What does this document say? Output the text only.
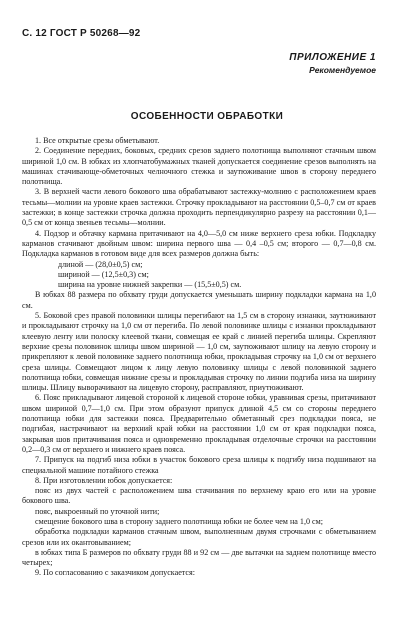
С. 12 ГОСТ Р 50268—92
ПРИЛОЖЕНИЕ 1
Рекомендуемое
ОСОБЕННОСТИ ОБРАБОТКИ

1. Все открытые срезы обметывают.

2. Соединение передних, боковых, средних срезов заднего полотнища выполняют стачным швом шириной 1,0 см. В юбках из хлопчатобумажных тканей допускается соединение срезов выполнять на машинах стачивающе-обметочных челночного стежка и заутюживание швов в сторону переднего полотнища.

3. В верхней части левого бокового шва обрабатывают застежку-молнию с расположением краев тесьмы—молнии на уровне краев застежки. Строчку прокладывают на расстоянии 0,5–0,7 см от краев застежки; в конце застежки строчка должна проходить перпендикулярно разрезу на расстоянии 0,1—0,5 см от конца звеньев тесьмы—молнии.

4. Подзор и обтачку кармана притачивают на 4,0—5,0 см ниже верхнего среза юбки. Подкладку карманов стачивают двойным швом: ширина первого шва — 0,4 –0,5 см; второго — 0,7—0,8 см. Подкладка карманов в готовом виде для всех размеров должна быть:

длиной — (28,0±0,5) см;

шириной — (12,5±0,3) см;

ширина на уровне нижней закрепки — (15,5±0,5) см.

В юбках 88 размера по обхвату груди допускается уменьшать ширину подкладки кармана на 1,0 см.

5. Боковой срез правой половинки шлицы перегибают на 1,5 см в сторону изнанки, заутюживают и прокладывают строчку на 1,0 см от перегиба. По левой половинке шлицы с изнанки прокладывают клеевую ленту или полоску клеевой ткани, совмещая ее край с линией перегиба шлицы. Скрепляют верхние срезы половинок шлицы швом шириной — 1,0 см, заутюживают шлицу на левую сторону и прикрепляют к левой половинке заднего полотнища юбки, прокладывая строчку на 1,0 см от верхнего среза шлицы. Совмещают лицом к лицу левую половинку шлицы с левой половинкой заднего полотнища юбки, совмещая нижние срезы и прокладывая строчку по линии подгиба низа на ширину шлицы. Шлицу выворачивают на лицевую сторону, расправляют, приутюживают.

6. Пояс прикладывают лицевой стороной к лицевой стороне юбки, уравнивая срезы, притачивают швом шириной 0,7—1,0 см. При этом образуют припуск длиной 4,5 см со стороны переднего полотнища юбки для застежки пояса. Предварительно обметанный срез подкладки пояса, не подгибая, настрачивают на верхний край юбки на расстоянии 1,0 см от края подкладки пояса, закрывая шов притачивания пояса и одновременно прокладывая отделочные строчки на расстоянии 0,2—0,3 см от верхнего и нижнего краев пояса.

7. Припуск на подгиб низа юбки в участок бокового среза шлицы к подгибу низа подшивают на специальной машине потайного стежка

8. При изготовлении юбок допускается:

пояс из двух частей с расположением шва стачивания по верхнему краю его или на уровне бокового шва.

пояс, выкроенный по уточной нити;

смещение бокового шва в сторону заднего полотнища юбки не более чем на 1,0 см;

обработка подкладки карманов стачным швом, выполненным двумя строчками с обметыванием срезов или их окантовыванием;

в юбках типа Б размеров по обхвату груди 88 и 92 см — две вытачки на заднем полотнище вместо четырех;

9. По согласованию с заказчиком допускается:
